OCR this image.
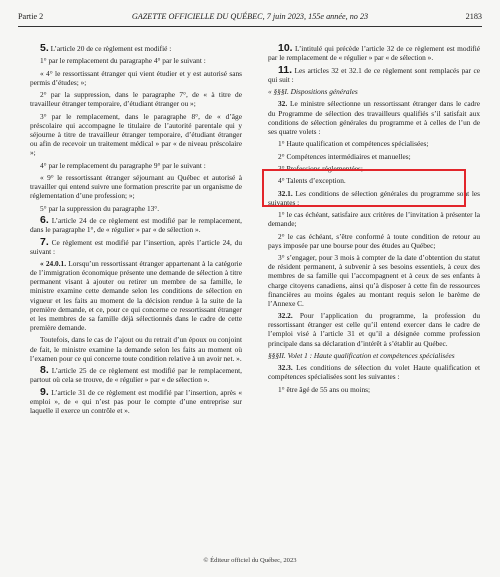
Partie 2	GAZETTE OFFICIELLE DU QUÉBEC, 7 juin 2023, 155e année, no 23	2183

5. L’article 20 de ce règlement est modifié :

1° par le remplacement du paragraphe 4° par le suivant :

« 4° le ressortissant étranger qui vient étudier et y est autorisé sans permis d’études; »;

2° par la suppression, dans le paragraphe 7°, de « à titre de travailleur étranger temporaire, d’étudiant étranger ou »;

3° par le remplacement, dans le paragraphe 8°, de « d’âge préscolaire qui accompagne le titulaire de l’autorité parentale qui y séjourne à titre de travailleur étranger temporaire, d’étudiant étranger ou afin de recevoir un traitement médical » par « de niveau préscolaire »;

4° par le remplacement du paragraphe 9° par le suivant :

« 9° le ressortissant étranger séjournant au Québec et autorisé à travailler qui entend suivre une formation prescrite par un organisme de réglementation d’une profession; »;

5° par la suppression du paragraphe 13°.

6. L’article 24 de ce règlement est modifié par le remplacement, dans le paragraphe 1°, de « régulier » par « de sélection ».

7. Ce règlement est modifié par l’insertion, après l’article 24, du suivant :

« 24.0.1. Lorsqu’un ressortissant étranger appartenant à la catégorie de l’immigration économique présente une demande de sélection à titre permanent visant à ajouter ou retirer un membre de sa famille, le ministre examine cette demande selon les conditions de sélection en vigueur et les faits au moment de la décision rendue à la suite de la première demande, et ce, pour ce qui concerne ce ressortissant étranger et les membres de sa famille déjà sélectionnés dans le cadre de cette première demande.

Toutefois, dans le cas de l’ajout ou du retrait d’un époux ou conjoint de fait, le ministre examine la demande selon les faits au moment où l’examen pour ce qui concerne toute condition relative à un avoir net. ».

8. L’article 25 de ce règlement est modifié par le remplacement, partout où cela se trouve, de « régulier » par « de sélection ».

9. L’article 31 de ce règlement est modifié par l’insertion, après « emploi », de « qui n’est pas pour le compte d’une entreprise sur laquelle il exerce un contrôle et ».

10. L’intitulé qui précède l’article 32 de ce règlement est modifié par le remplacement de « régulier » par « de sélection ».

11. Les articles 32 et 32.1 de ce règlement sont remplacés par ce qui suit :

« §§§I. Dispositions générales

32. Le ministre sélectionne un ressortissant étranger dans le cadre du Programme de sélection des travailleurs qualifiés s’il satisfait aux conditions de sélection générales du programme et à celles de l’un de ses quatre volets :

1° Haute qualification et compétences spécialisées;

2° Compétences intermédiaires et manuelles;

3° Professions réglementées;

4° Talents d’exception.

32.1. Les conditions de sélection générales du programme sont les suivantes :

1° le cas échéant, satisfaire aux critères de l’invitation à présenter la demande;

2° le cas échéant, s’être conformé à toute condition de retour au pays imposée par une bourse pour des études au Québec;

3° s’engager, pour 3 mois à compter de la date d’obtention du statut de résident permanent, à subvenir à ses besoins essentiels, à ceux des membres de sa famille qui l’accompagnent et à ceux de ses enfants à charge citoyens canadiens, ainsi qu’à disposer à cette fin de ressources financières au moins égales au montant requis selon le barème de l’Annexe C.

32.2. Pour l’application du programme, la profession du ressortissant étranger est celle qu’il entend exercer dans le cadre de l’emploi visé à l’article 31 et qu’il a désignée comme profession principale dans sa déclaration d’intérêt à s’établir au Québec.

§§§II. Volet 1 : Haute qualification et compétences spécialisées

32.3. Les conditions de sélection du volet Haute qualification et compétences spécialisées sont les suivantes :

1° être âgé de 55 ans ou moins;

© Éditeur officiel du Québec, 2023
